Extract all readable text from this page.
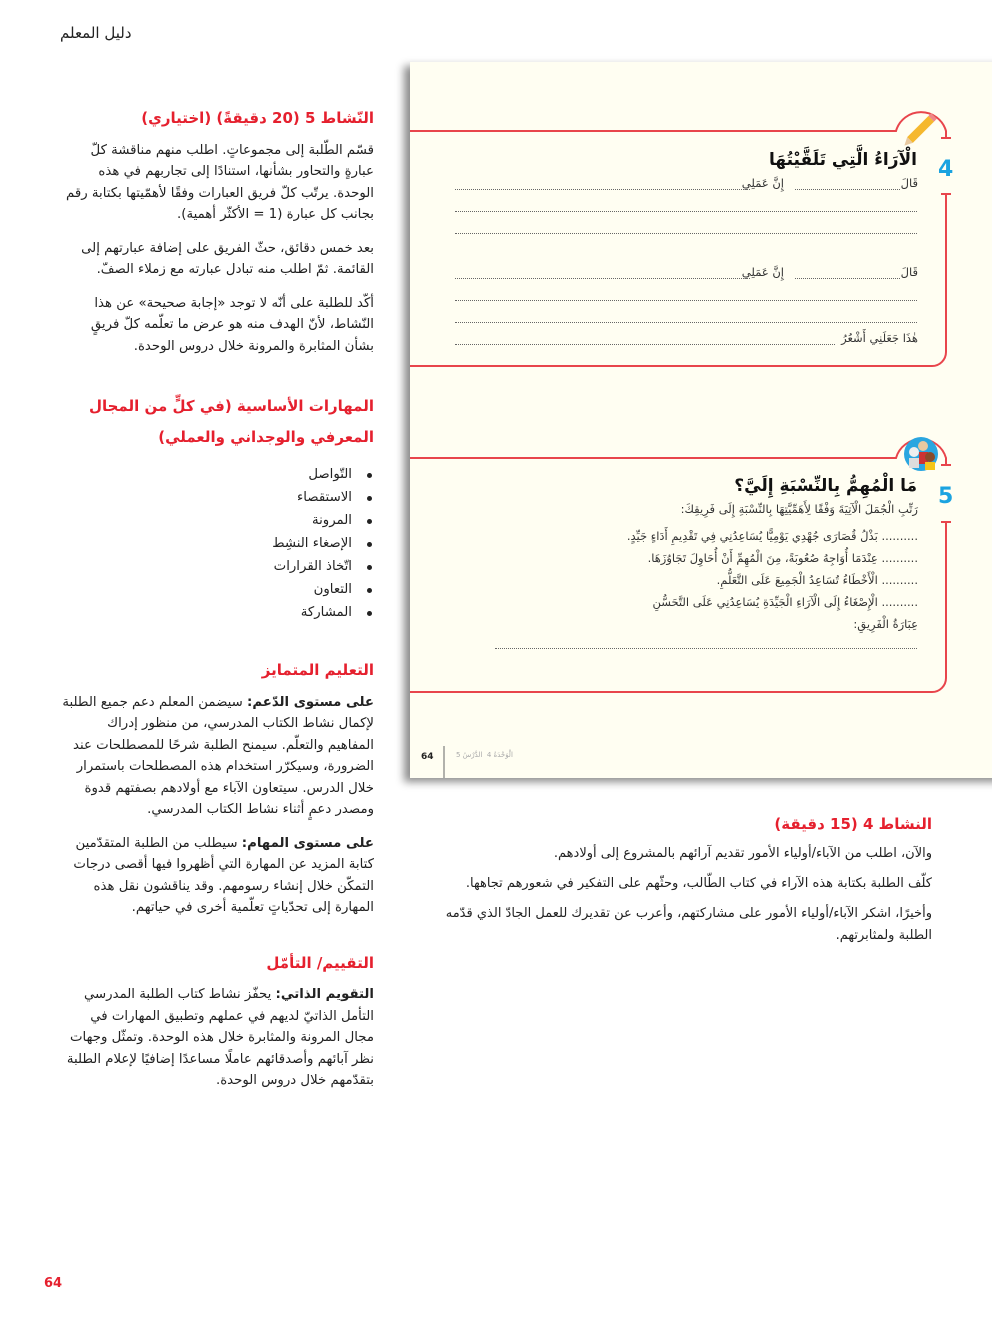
دليل المعلم
النّشاط 5 (20 دقيقةً) (اختياري)

قسّم الطّلبة إلى مجموعاتٍ. اطلب منهم مناقشة كلّ عبارةٍ والتحاور بشأنها، استنادًا إلى تجاربهم في هذه الوحدة. يرتّب كلّ فريق العبارات وفقًا لأهمّيتها بكتابة رقم بجانب كل عبارة (1 = الأكثّر أهمية).

بعد خمس دقائق، حثّ الفريق على إضافة عبارتهم إلى القائمة. ثمّ اطلب منه تبادل عبارته مع زملاء الصفّ.

أكّد للطلبة على أنّه لا توجد «إجابة صحيحة» عن هذا النّشاط، لأنّ الهدف منه هو عرض ما تعلّمه كلّ فريقٍ بشأن المثابرة والمرونة خلال دروس الوحدة.

المهارات الأساسية (في كلٍّ من المجال المعرفي والوجداني والعملي)
التّواصل
الاستقصاء
المرونة
الإصغاء النشِط
اتّخاذ القرارات
التعاون
المشاركة
التعليم المتمايز

على مستوى الدّعم: سيضمن المعلم دعم جميع الطلبة لإكمال نشاط الكتاب المدرسي، من منظور إدراك المفاهيم والتعلّم. سيمنح الطلبة شرحًا للمصطلحات عند الضرورة، وسيكرّر استخدام هذه المصطلحات باستمرار خلال الدرس. سيتعاون الآباء مع أولادهم بصفتهم قدوة ومصدر دعمٍ أثناء نشاط الكتاب المدرسي.

على مستوى المهام: سيطلب من الطلبة المتقدّمين كتابة المزيد عن المهارة التي أظهروا فيها أقصى درجات التمكّن خلال إنشاء رسومهم. وقد يناقشون نقل هذه المهارة إلى تحدّياتٍ تعلّمية أخرى في حياتهم.

التقييم/ التأمّل

التقويم الذاتي: يحفّز نشاط كتاب الطلبة المدرسي التأمل الذاتيّ لديهم في عملهم وتطبيق المهارات في مجال المرونة والمثابرة خلال هذه الوحدة. وتمثّل وجهات نظر آبائهم وأصدقائهم عاملًا مساعدًا إضافيًا لإعلام الطلبة بتقدّمهم خلال دروس الوحدة.

4
الْآرَاءُ الَّتِي تَلَقَّيْتُهَا
قَالَ
إِنَّ عَمَلِي
قَالَ
إِنَّ عَمَلِي
هٰذَا جَعَلَنِي أَشْعُرُ
5
مَا الْمُهِمُّ بِالنِّسْبَةِ إِلَيَّ؟
رَتِّبِ الْجُمَلَ الْآتِيَةَ وَفْقًا لِأَهَمِّيَّتِهَا بِالنِّسْبَةِ إِلَى فَرِيقِكَ:
.......... بَذْلُ قُصَارَى جُهْدِي يَوْمِيًّا يُسَاعِدُنِي فِي تَقْدِيمِ أَدَاءٍ جَيِّدٍ.
.......... عِنْدَمَا أُوَاجِهُ صُعُوبَةً، مِنَ الْمُهِمِّ أَنْ أُحَاوِلَ تَجَاوُزَهَا.
.......... الْأَخْطَاءُ تُسَاعِدُ الْجَمِيعَ عَلَى التَّعَلُّمِ.
.......... الْإِصْغَاءُ إِلَى الْآرَاءِ الْجَيِّدَةِ يُسَاعِدُنِي عَلَى التَّحَسُّنِ
عِبَارَةُ الْفَرِيقِ:
64	الْوَحْدَةُ 4  الدَّرْسُ 5
النشاط 4 (15 دقيقة)

والآن، اطلب من الآباء/أولياء الأمور تقديم آرائهم بالمشروع إلى أولادهم.

كلّف الطلبة بكتابة هذه الآراء في كتاب الطّالب، وحثّهم على التفكير في شعورهم تجاهها.

وأخيرًا، اشكر الآباء/أولياء الأمور على مشاركتهم، وأعرب عن تقديرك للعمل الجادّ الذي قدّمه الطلبة ولمثابرتهم.

64
